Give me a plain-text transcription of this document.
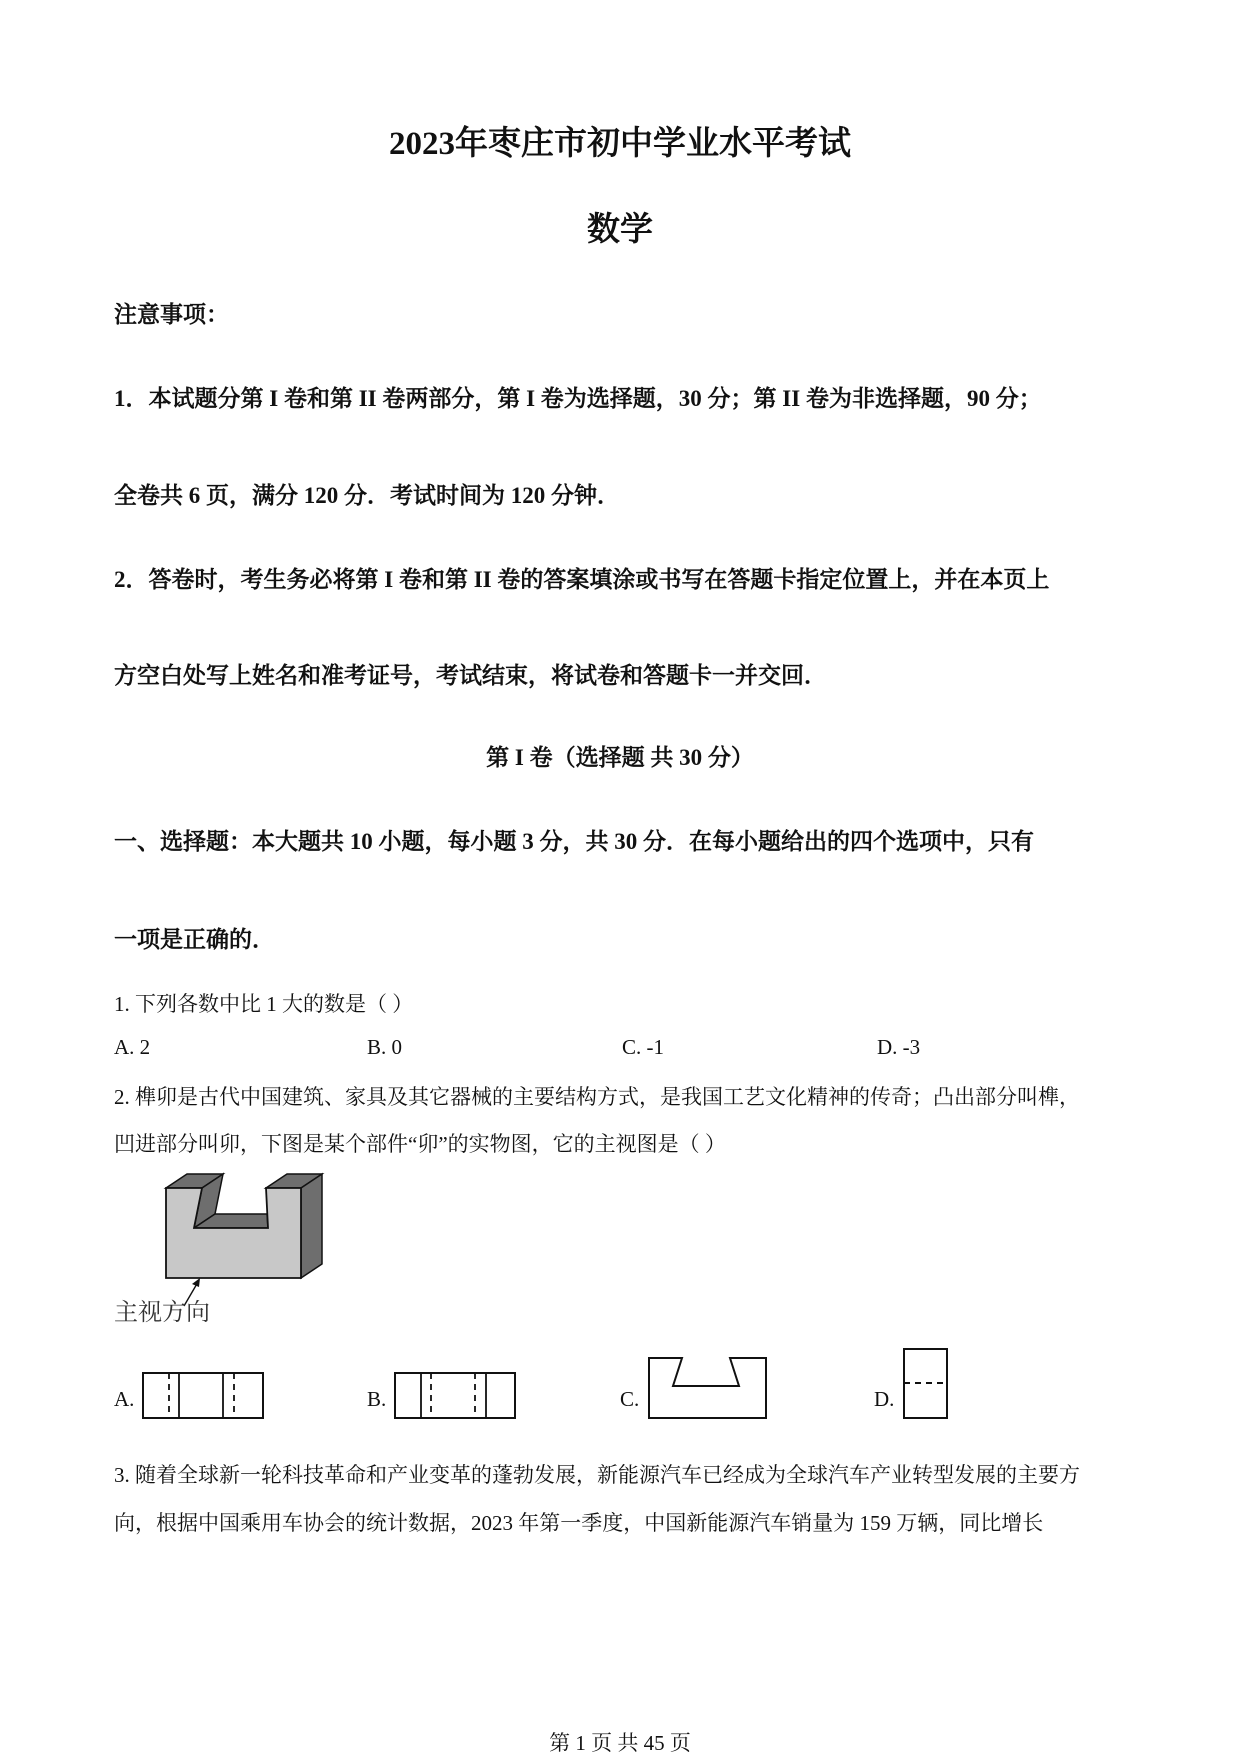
2023年枣庄市初中学业水平考试
数学
注意事项：
1．本试题分第 I 卷和第 II 卷两部分，第 I 卷为选择题，30 分；第 II 卷为非选择题，90 分；
全卷共 6 页，满分 120 分．考试时间为 120 分钟．
2．答卷时，考生务必将第 I 卷和第 II 卷的答案填涂或书写在答题卡指定位置上，并在本页上
方空白处写上姓名和准考证号，考试结束，将试卷和答题卡一并交回．
第 I 卷（选择题 共 30 分）
一、选择题：本大题共 10 小题，每小题 3 分，共 30 分．在每小题给出的四个选项中，只有
一项是正确的．
1. 下列各数中比 1 大的数是（ ）
A. 2	B. 0	C. -1	D. -3
2. 榫卯是古代中国建筑、家具及其它器械的主要结构方式，是我国工艺文化精神的传奇；凸出部分叫榫，
凹进部分叫卯，下图是某个部件“卯”的实物图，它的主视图是（ ）
主视方向
A.	B.	C.	D.
3. 随着全球新一轮科技革命和产业变革的蓬勃发展，新能源汽车已经成为全球汽车产业转型发展的主要方
向，根据中国乘用车协会的统计数据，2023 年第一季度，中国新能源汽车销量为 159 万辆，同比增长
第 1 页 共 45 页
